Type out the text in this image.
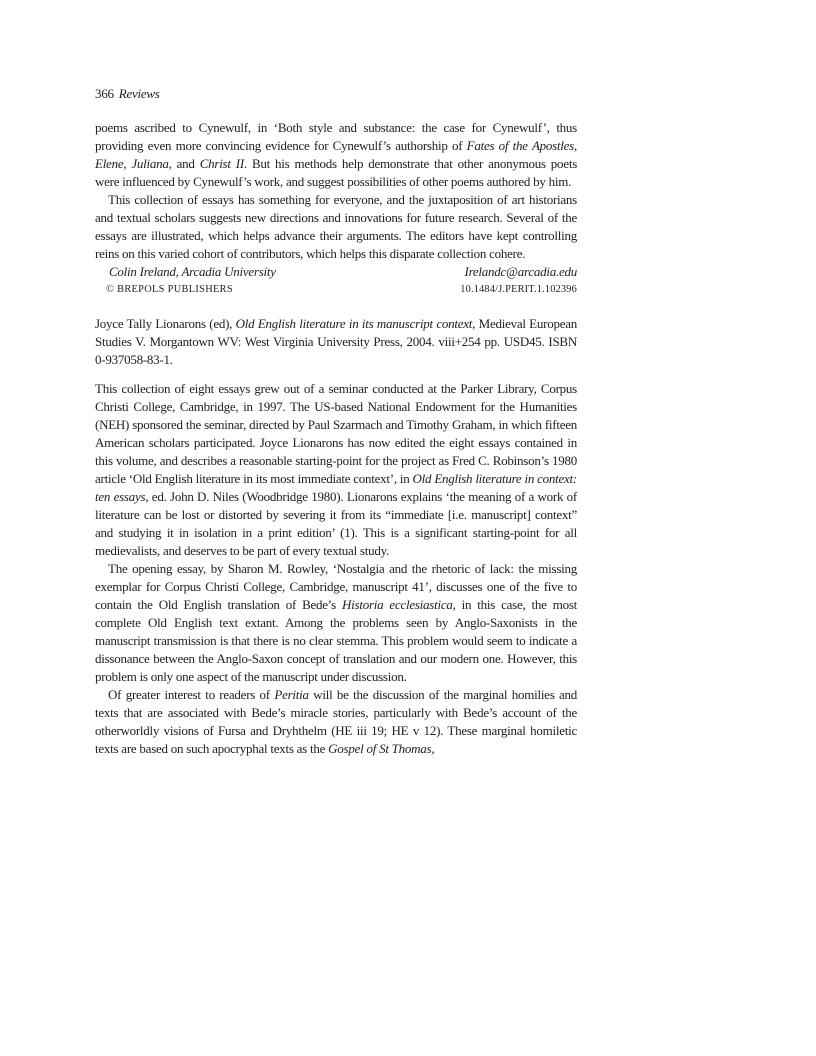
366 Reviews

poems ascribed to Cynewulf, in ‘Both style and substance: the case for Cynewulf’, thus providing even more convincing evidence for Cynewulf’s authorship of Fates of the Apostles, Elene, Juliana, and Christ II. But his methods help demonstrate that other anonymous poets were influenced by Cynewulf’s work, and suggest possibilities of other poems authored by him.

This collection of essays has something for everyone, and the juxtaposition of art historians and textual scholars suggests new directions and innovations for future research. Several of the essays are illustrated, which helps advance their arguments. The editors have kept controlling reins on this varied cohort of contributors, which helps this disparate collection cohere.

Colin Ireland, Arcadia University	Irelandc@arcadia.edu
© BREPOLS PUBLISHERS	10.1484/J.PERIT.1.102396

Joyce Tally Lionarons (ed), Old English literature in its manuscript context, Medieval European Studies V. Morgantown WV: West Virginia University Press, 2004. viii+254 pp. USD45. ISBN 0-937058-83-1.

This collection of eight essays grew out of a seminar conducted at the Parker Library, Corpus Christi College, Cambridge, in 1997. The US-based National Endowment for the Humanities (NEH) sponsored the seminar, directed by Paul Szarmach and Timothy Graham, in which fifteen American scholars participated. Joyce Lionarons has now edited the eight essays contained in this volume, and describes a reasonable starting-point for the project as Fred C. Robinson’s 1980 article ‘Old English literature in its most immediate context’, in Old English literature in context: ten essays, ed. John D. Niles (Woodbridge 1980). Lionarons explains ‘the meaning of a work of literature can be lost or distorted by severing it from its “immediate [i.e. manuscript] context” and studying it in isolation in a print edition’ (1). This is a significant starting-point for all medievalists, and deserves to be part of every textual study.

The opening essay, by Sharon M. Rowley, ‘Nostalgia and the rhetoric of lack: the missing exemplar for Corpus Christi College, Cambridge, manuscript 41’, discusses one of the five to contain the Old English translation of Bede’s Historia ecclesiastica, in this case, the most complete Old English text extant. Among the problems seen by Anglo-Saxonists in the manuscript transmission is that there is no clear stemma. This problem would seem to indicate a dissonance between the Anglo-Saxon concept of translation and our modern one. However, this problem is only one aspect of the manuscript under discussion.

Of greater interest to readers of Peritia will be the discussion of the marginal homilies and texts that are associated with Bede’s miracle stories, particularly with Bede’s account of the otherworldly visions of Fursa and Dryhthelm (HE iii 19; HE v 12). These marginal homiletic texts are based on such apocryphal texts as the Gospel of St Thomas,
